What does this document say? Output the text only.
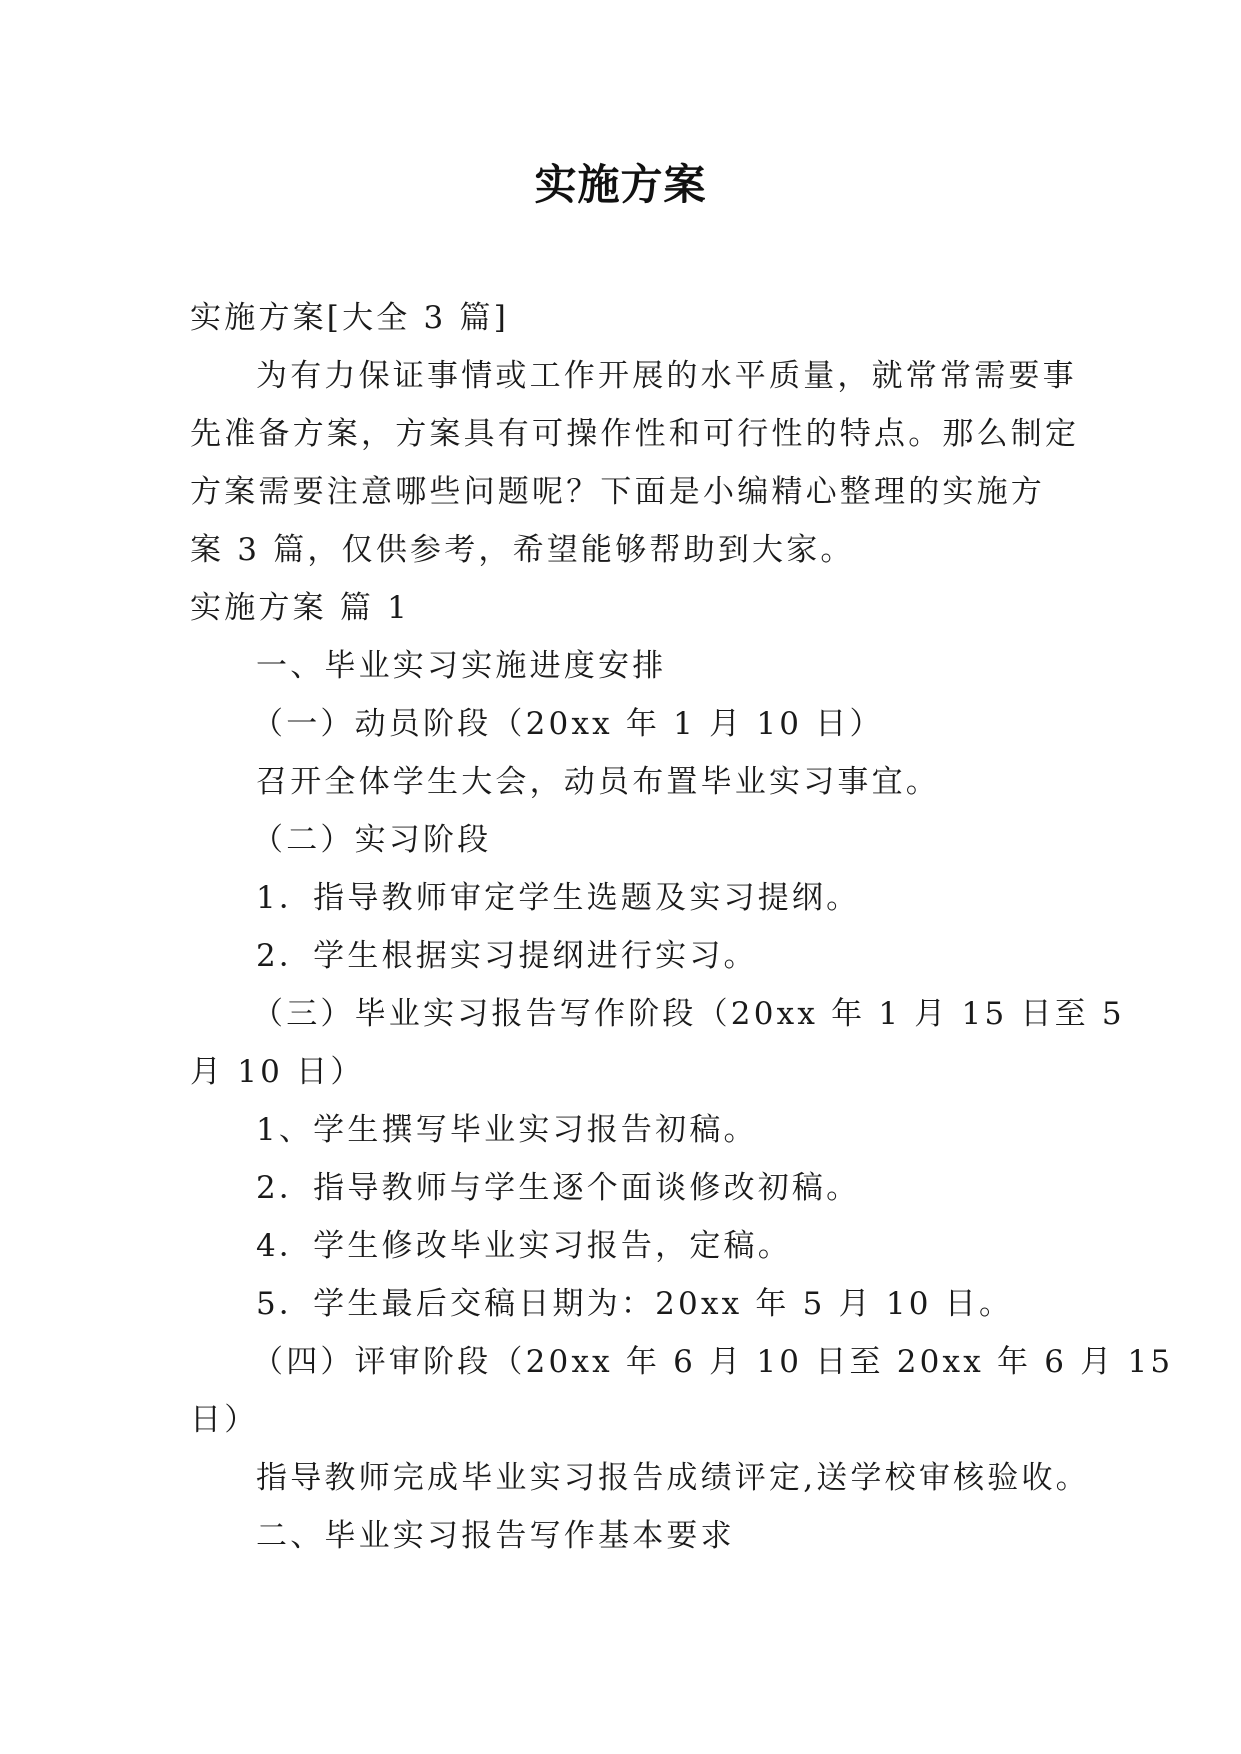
实施方案
实施方案[大全 3 篇]
为有力保证事情或工作开展的水平质量，就常常需要事
先准备方案，方案具有可操作性和可行性的特点。那么制定
方案需要注意哪些问题呢？下面是小编精心整理的实施方
案 3 篇，仅供参考，希望能够帮助到大家。
实施方案 篇 1
一、毕业实习实施进度安排
（一）动员阶段（20xx 年 1 月 10 日）
召开全体学生大会，动员布置毕业实习事宜。
（二）实习阶段
1．指导教师审定学生选题及实习提纲。
2．学生根据实习提纲进行实习。
（三）毕业实习报告写作阶段（20xx 年 1 月 15 日至 5
月 10 日）
1、学生撰写毕业实习报告初稿。
2．指导教师与学生逐个面谈修改初稿。
4．学生修改毕业实习报告，定稿。
5．学生最后交稿日期为：20xx 年 5 月 10 日。
（四）评审阶段（20xx 年 6 月 10 日至 20xx 年 6 月 15
日）
指导教师完成毕业实习报告成绩评定,送学校审核验收。
二、毕业实习报告写作基本要求
